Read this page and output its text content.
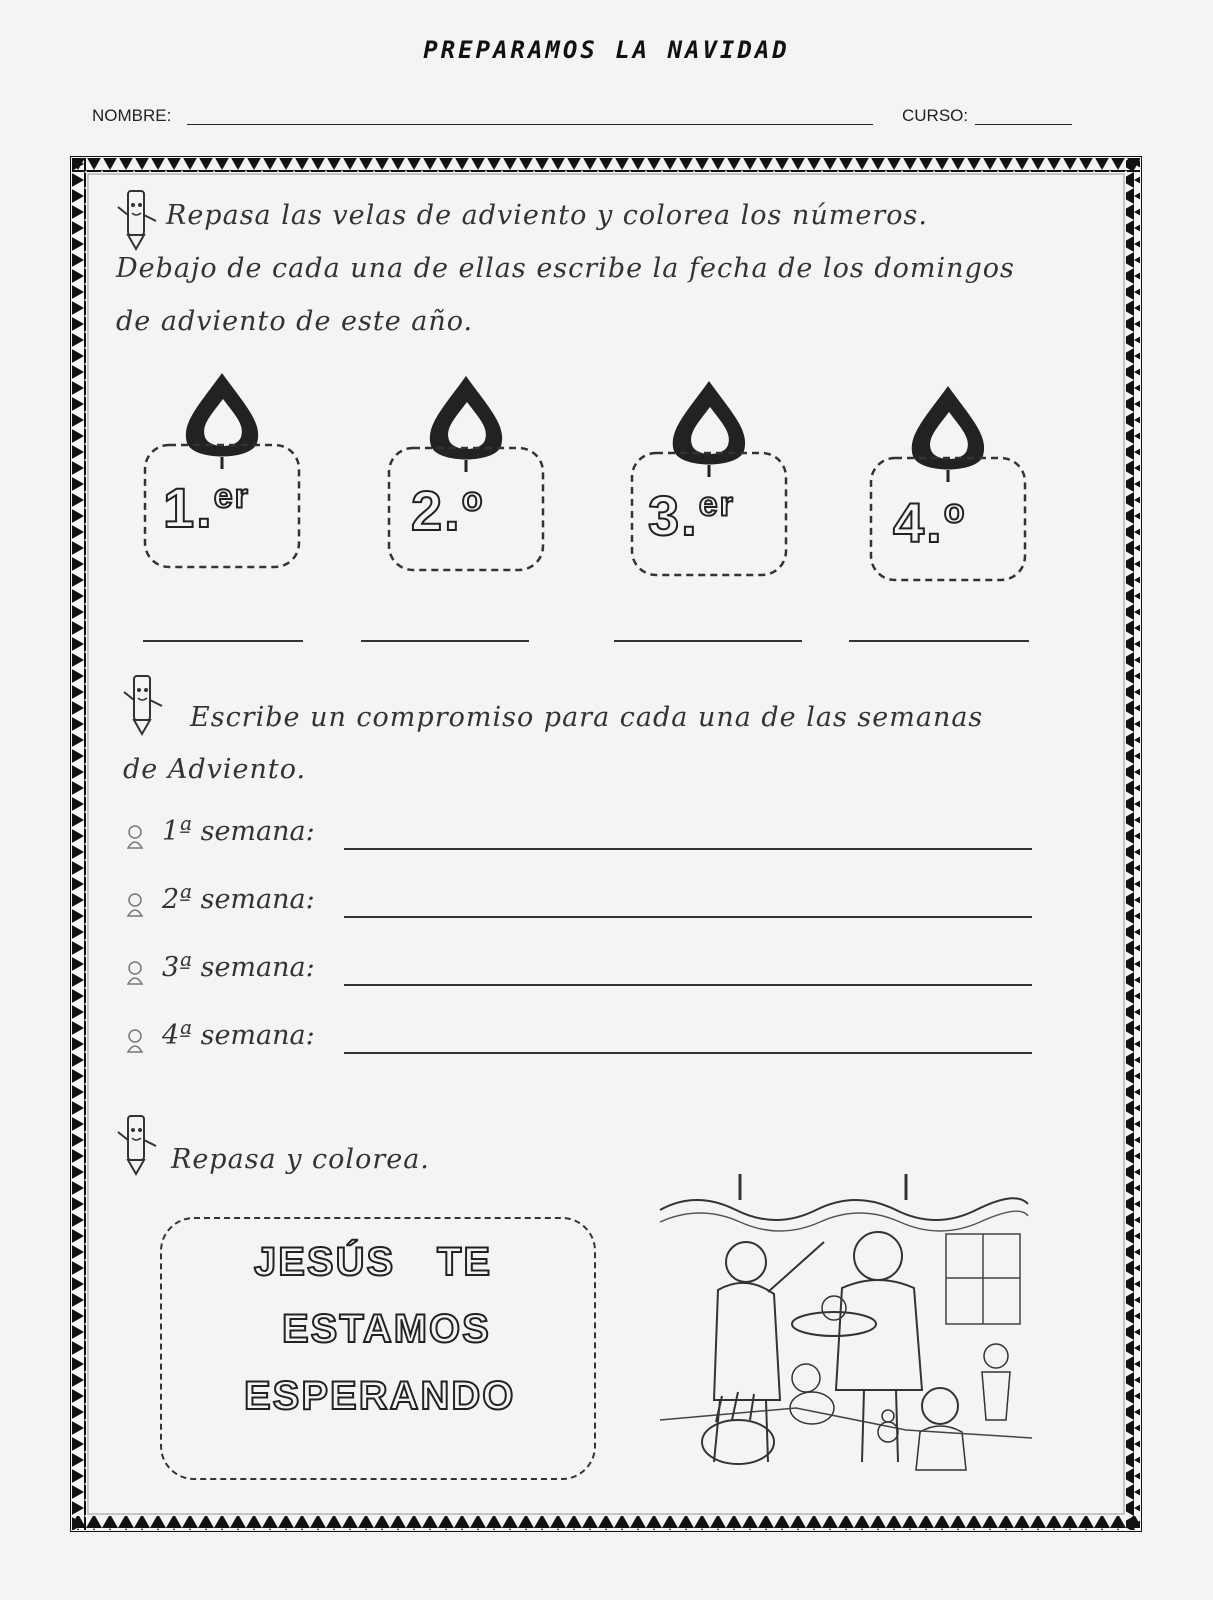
PREPARAMOS LA NAVIDAD
NOMBRE:	CURSO:
Repasa las velas de adviento y colorea los números.
Debajo de cada una de ellas escribe la fecha de los domingos
de adviento de este año.
1.$^{er}$	2.$^o$	3.$^{er}$	4.$^o$
Escribe un compromiso para cada una de las semanas
de Adviento.
1ª semana:
2ª semana:
3ª semana:
4ª semana:
Repasa y colorea.
JESÚS TE
ESTAMOS
ESPERANDO
